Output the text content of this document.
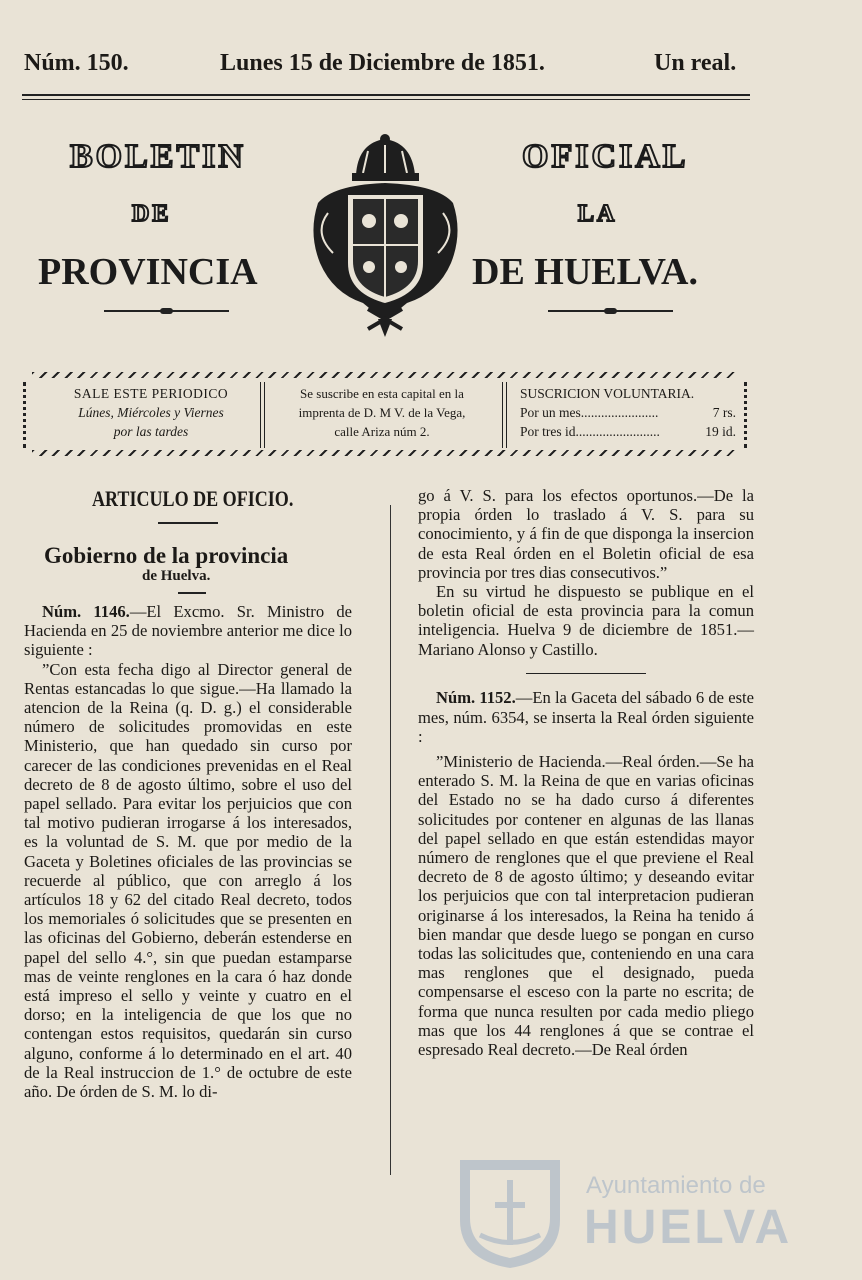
Núm. 150.	Lunes 15 de Diciembre de 1851.	Un real.
BOLETIN	OFICIAL
DE	LA
PROVINCIA	DE HUELVA.
SALE ESTE PERIODICO
Lúnes, Miércoles y Viernes
por las tardes
Se suscribe en esta capital en la
imprenta de D. M V. de la Vega,
calle Ariza núm 2.
SUSCRICION VOLUNTARIA.
Por un mes.......................	7 rs.
Por tres id.........................	19 id.
ARTICULO DE OFICIO.
Gobierno de la provincia
de Huelva.

Núm. 1146.—El Excmo. Sr. Ministro de Hacienda en 25 de noviembre anterior me dice lo siguiente :

”Con esta fecha digo al Director general de Rentas estancadas lo que sigue.—Ha llamado la atencion de la Reina (q. D. g.) el considerable número de solicitudes promovidas en este Ministerio, que han quedado sin curso por carecer de las condiciones prevenidas en el Real decreto de 8 de agosto último, sobre el uso del papel sellado. Para evitar los perjuicios que con tal motivo pudieran irrogarse á los interesados, es la voluntad de S. M. que por medio de la Gaceta y Boletines oficiales de las provincias se recuerde al público, que con arreglo á los artículos 18 y 62 del citado Real decreto, todos los memoriales ó solicitudes que se presenten en las oficinas del Gobierno, deberán estenderse en papel del sello 4.°, sin que puedan estamparse mas de veinte renglones en la cara ó haz donde está impreso el sello y veinte y cuatro en el dorso; en la inteligencia de que los que no contengan estos requisitos, quedarán sin curso alguno, conforme á lo determinado en el art. 40 de la Real instruccion de 1.° de octubre de este año. De órden de S. M. lo di-

go á V. S. para los efectos oportunos.—De la propia órden lo traslado á V. S. para su conocimiento, y á fin de que disponga la insercion de esta Real órden en el Boletin oficial de esa provincia por tres dias consecutivos.”

En su virtud he dispuesto se publique en el boletin oficial de esta provincia para la comun inteligencia. Huelva 9 de diciembre de 1851.—Mariano Alonso y Castillo.

Núm. 1152.—En la Gaceta del sábado 6 de este mes, núm. 6354, se inserta la Real órden siguiente :

”Ministerio de Hacienda.—Real órden.—Se ha enterado S. M. la Reina de que en varias oficinas del Estado no se ha dado curso á diferentes solicitudes por contener en algunas de las llanas del papel sellado en que están estendidas mayor número de renglones que el que previene el Real decreto de 8 de agosto último; y deseando evitar los perjuicios que con tal interpretacion pudieran originarse á los interesados, la Reina ha tenido á bien mandar que desde luego se pongan en curso todas las solicitudes que, conteniendo en una cara mas renglones que el designado, pueda compensarse el esceso con la parte no escrita; de forma que nunca resulten por cada medio pliego mas que los 44 renglones á que se contrae el espresado Real decreto.—De Real órden

Ayuntamiento de
HUELVA
